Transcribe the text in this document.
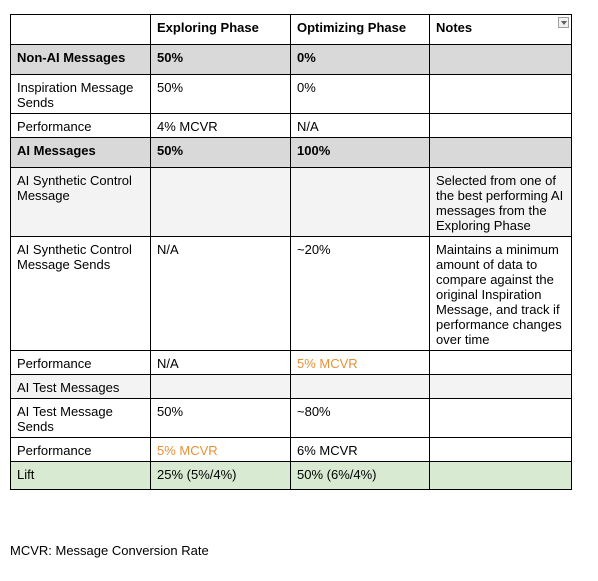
	Exploring Phase	Optimizing Phase	Notes

Non-AI Messages	50%	0%	
Inspiration Message Sends	50%	0%	
Performance	4% MCVR	N/A	
AI Messages	50%	100%	
AI Synthetic Control Message			Selected from one of the best performing AI messages from the Exploring Phase
AI Synthetic Control Message Sends	N/A	~20%	Maintains a minimum amount of data to compare against the original Inspiration Message, and track if performance changes over time
Performance	N/A	5% MCVR	
AI Test Messages			
AI Test Message Sends	50%	~80%	
Performance	5% MCVR	6% MCVR	
Lift	25% (5%/4%)	50% (6%/4%)	
MCVR: Message Conversion Rate
